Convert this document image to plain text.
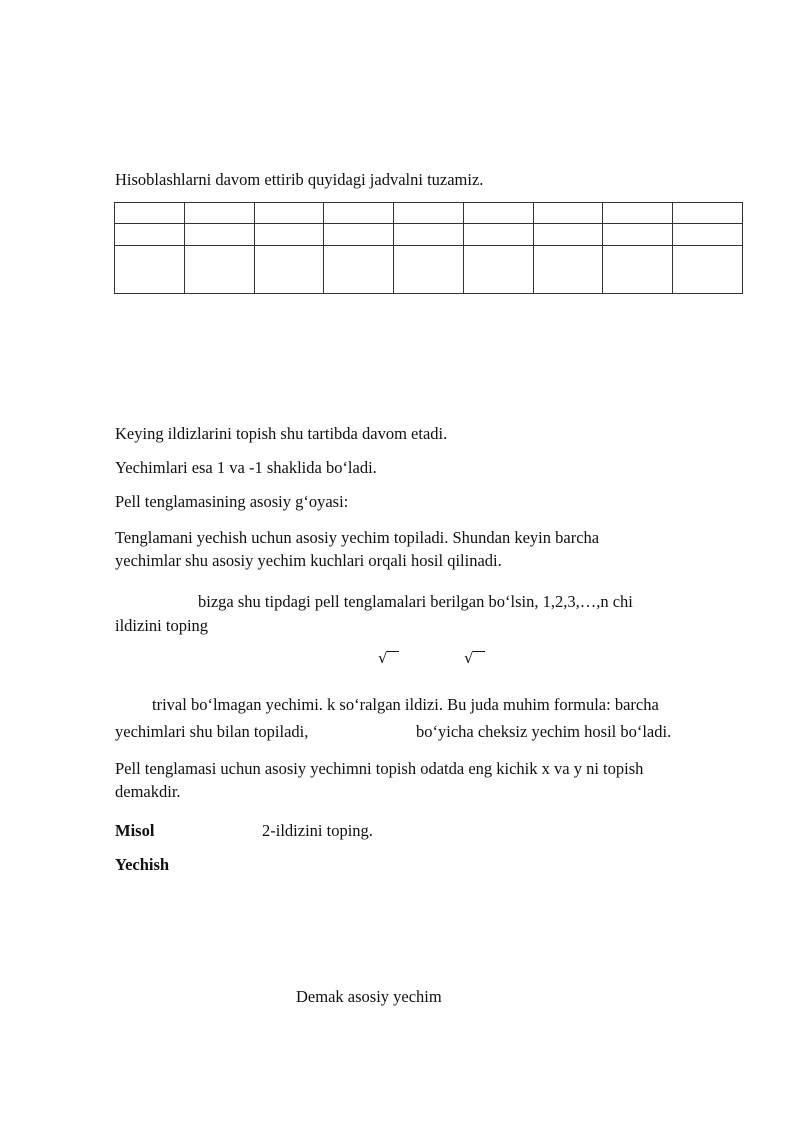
Hisoblashlarni davom ettirib quyidagi jadvalni tuzamiz.

Keying ildizlarini topish shu tartibda davom etadi.
Yechimlari esa 1 va -1 shaklida bo‘ladi.
Pell tenglamasining asosiy g‘oyasi:
Tenglamani yechish uchun asosiy yechim topiladi. Shundan keyin barcha
yechimlar shu asosiy yechim kuchlari orqali hosil qilinadi.
bizga shu tipdagi pell tenglamalari berilgan bo‘lsin, 1,2,3,…,n chi
ildizini toping
√	√
trival bo‘lmagan yechimi. k so‘ralgan ildizi. Bu juda muhim formula: barcha
yechimlari shu bilan topiladi,	bo‘yicha cheksiz yechim hosil bo‘ladi.
Pell tenglamasi uchun asosiy yechimni topish odatda eng kichik x va y ni topish
demakdir.
Misol	2-ildizini toping.
Yechish
Demak asosiy yechim
